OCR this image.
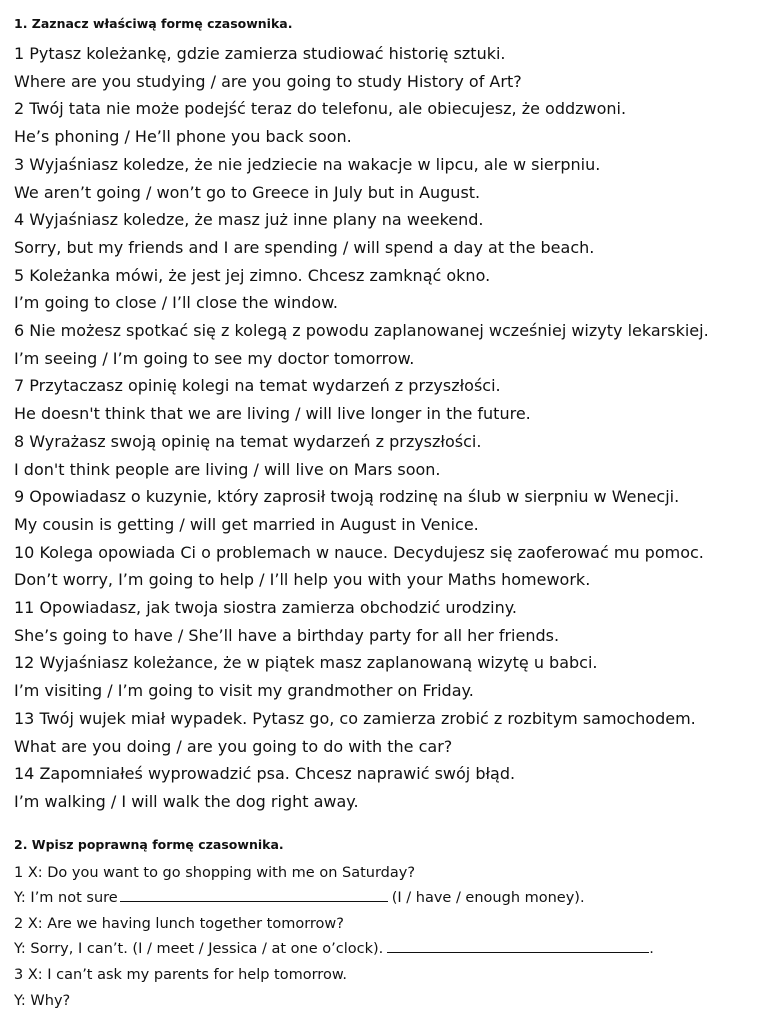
1. Zaznacz właściwą formę czasownika.

1 Pytasz koleżankę, gdzie zamierza studiować historię sztuki.
Where are you studying / are you going to study History of Art?
2 Twój tata nie może podejść teraz do telefonu, ale obiecujesz, że oddzwoni.
He’s phoning / He’ll phone you back soon.
3 Wyjaśniasz koledze, że nie jedziecie na wakacje w lipcu, ale w sierpniu.
We aren’t going / won’t go to Greece in July but in August.
4 Wyjaśniasz koledze, że masz już inne plany na weekend.
Sorry, but my friends and I are spending / will spend a day at the beach.
5 Koleżanka mówi, że jest jej zimno. Chcesz zamknąć okno.
I’m going to close / I’ll close the window.
6 Nie możesz spotkać się z kolegą z powodu zaplanowanej wcześniej wizyty lekarskiej.
I’m seeing / I’m going to see my doctor tomorrow.
7 Przytaczasz opinię kolegi na temat wydarzeń z przyszłości.
He doesn't think that we are living / will live longer in the future.
8 Wyrażasz swoją opinię na temat wydarzeń z przyszłości.
I don't think people are living / will live on Mars soon.
9 Opowiadasz o kuzynie, który zaprosił twoją rodzinę na ślub w sierpniu w Wenecji.
My cousin is getting / will get married in August in Venice.
10 Kolega opowiada Ci o problemach w nauce. Decydujesz się zaoferować mu pomoc.
Don’t worry, I’m going to help / I’ll help you with your Maths homework.
11 Opowiadasz, jak twoja siostra zamierza obchodzić urodziny.
She’s going to have / She’ll have a birthday party for all her friends.
12 Wyjaśniasz koleżance, że w piątek masz zaplanowaną wizytę u babci.
I’m visiting / I’m going to visit my grandmother on Friday.
13 Twój wujek miał wypadek. Pytasz go, co zamierza zrobić z rozbitym samochodem.
What are you doing / are you going to do with the car?
14 Zapomniałeś wyprowadzić psa. Chcesz naprawić swój błąd.
I’m walking / I will walk the dog right away.

2. Wpisz poprawną formę czasownika.

1 X: Do you want to go shopping with me on Saturday?
Y: I’m not sure	(I / have / enough money).
2 X: Are we having lunch together tomorrow?
Y: Sorry, I can’t. (I / meet / Jessica / at one o’clock).	.
3 X: I can’t ask my parents for help tomorrow.
Y: Why?
